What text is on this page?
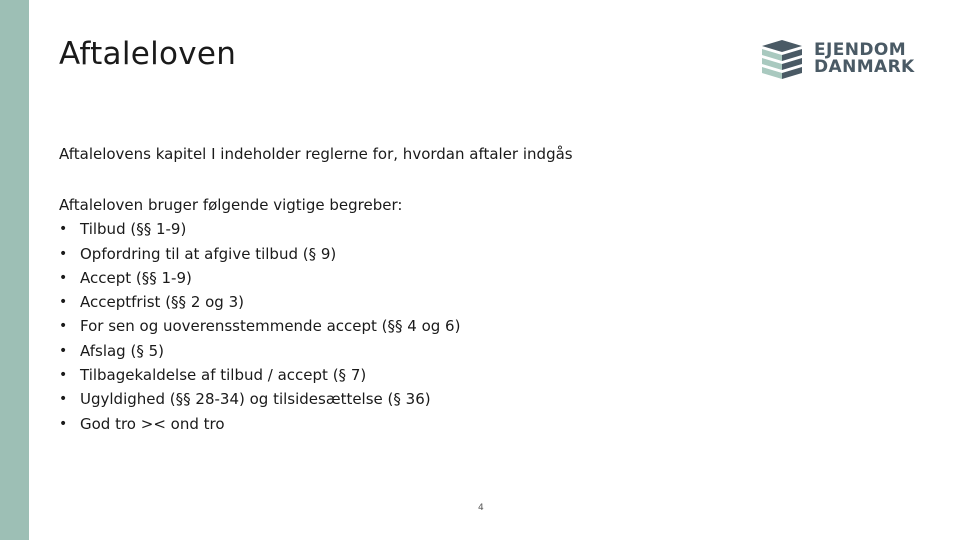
Aftaleloven	EJENDOM
DANMARK
Aftalelovens kapitel I indeholder reglerne for, hvordan aftaler indgås
Aftaleloven bruger følgende vigtige begreber:
• Tilbud (§§ 1-9)
• Opfordring til at afgive tilbud (§ 9)
• Accept (§§ 1-9)
• Acceptfrist (§§ 2 og 3)
• For sen og uoverensstemmende accept (§§ 4 og 6)
• Afslag (§ 5)
• Tilbagekaldelse af tilbud / accept (§ 7)
• Ugyldighed (§§ 28-34) og tilsidesættelse (§ 36)
• God tro >< ond tro
4
